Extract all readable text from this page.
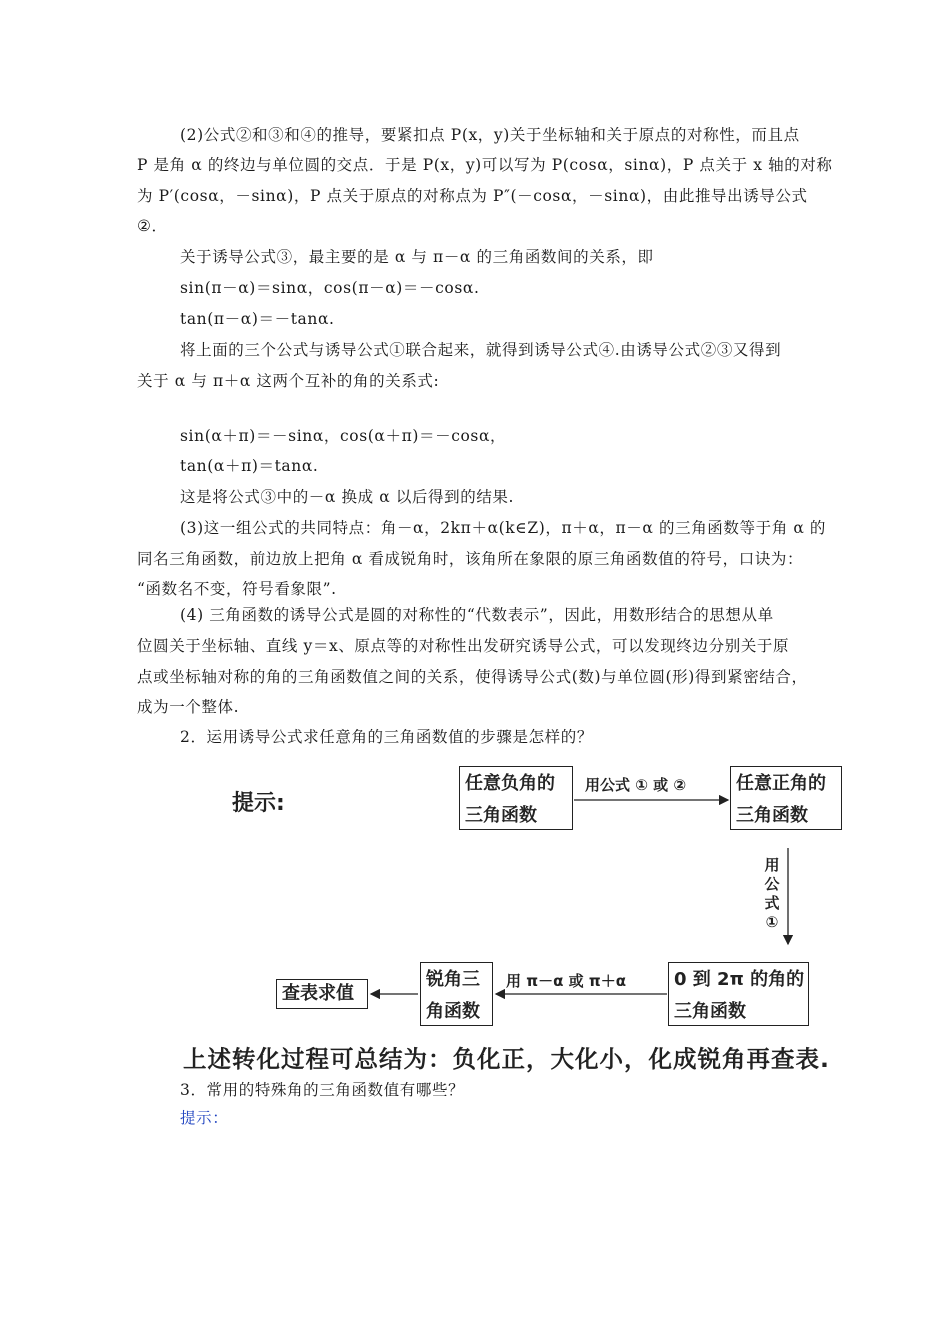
(2)公式②和③和④的推导，要紧扣点 P(x，y)关于坐标轴和关于原点的对称性，而且点
P 是角 α 的终边与单位圆的交点．于是 P(x，y)可以写为 P(cosα，sinα)，P 点关于 x 轴的对称
为 P′(cosα，－sinα)，P 点关于原点的对称点为 P″(－cosα，－sinα)，由此推导出诱导公式
②．
关于诱导公式③，最主要的是 α 与 π－α 的三角函数间的关系，即
sin(π－α)＝sinα，cos(π－α)＝－cosα.
tan(π－α)＝－tanα.
将上面的三个公式与诱导公式①联合起来，就得到诱导公式④.由诱导公式②③又得到
关于 α 与 π＋α 这两个互补的角的关系式:
sin(α＋π)＝－sinα，cos(α＋π)＝－cosα，
tan(α＋π)＝tanα.
这是将公式③中的－α 换成 α 以后得到的结果.
(3)这一组公式的共同特点：角－α，2kπ＋α(k∈Z)，π＋α，π－α 的三角函数等于角 α 的
同名三角函数，前边放上把角 α 看成锐角时，该角所在象限的原三角函数值的符号，口诀为：
“函数名不变，符号看象限”.
(4) 三角函数的诱导公式是圆的对称性的“代数表示”，因此，用数形结合的思想从单
位圆关于坐标轴、直线 y＝x、原点等的对称性出发研究诱导公式，可以发现终边分别关于原
点或坐标轴对称的角的三角函数值之间的关系，使得诱导公式(数)与单位圆(形)得到紧密结合，
成为一个整体.
2．运用诱导公式求任意角的三角函数值的步骤是怎样的？
提示:
任意负角的
三角函数
用公式 ① 或 ②	任意正角的
三角函数
用公式①
0 到 2π 的角的
三角函数
用 π－α 或 π＋α
锐角三
角函数
查表求值
上述转化过程可总结为：负化正，大化小，化成锐角再查表.
3．常用的特殊角的三角函数值有哪些？
提示：
